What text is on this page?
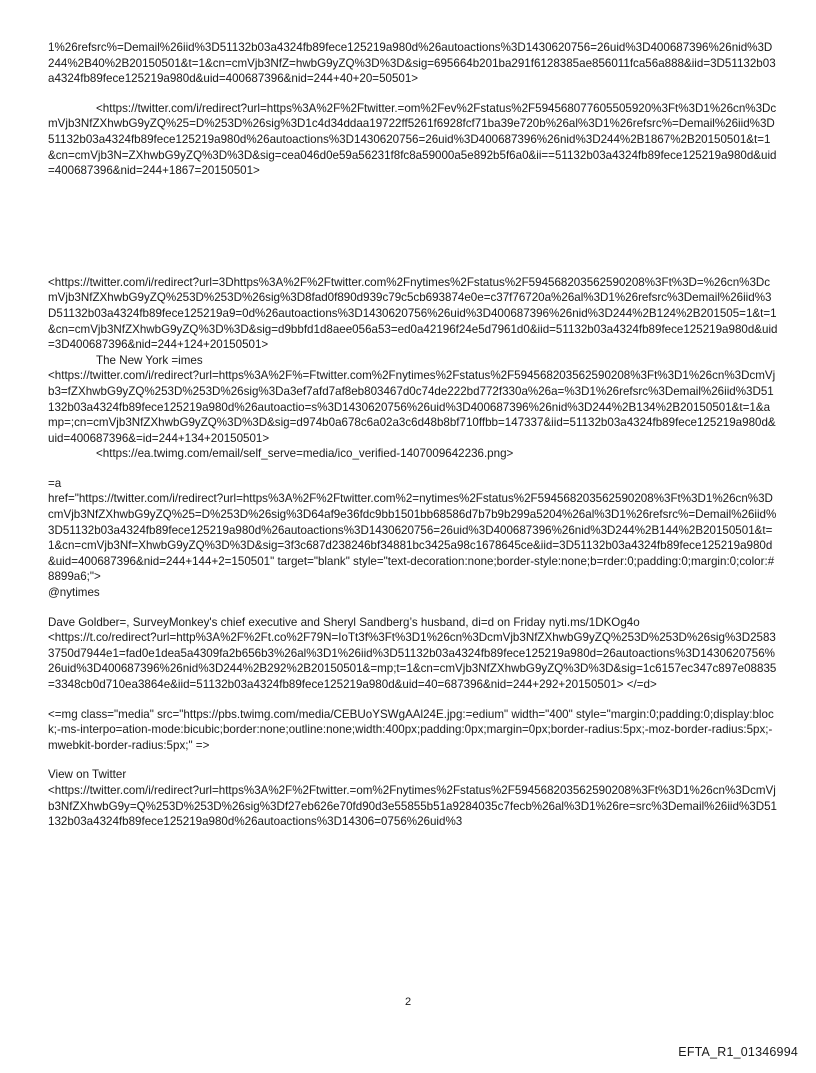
1%26refsrc%=Demail%26iid%3D51132b03a4324fb89fece125219a980d%26autoactions%3D1430620756=26uid%3D400687396%26nid%3D244%2B40%2B20150501&t=1&cn=cmVjb3NfZ=hwbG9yZQ%3D%3D&sig=695664b201ba291f6128385ae856011fca56a888&iid=3D51132b03a4324fb89fece125219a980d&uid=400687396&nid=244+40+20=50501>

<https://twitter.com/i/redirect?url=https%3A%2F%2Ftwitter.=om%2Fev%2Fstatus%2F594568077605505920%3Ft%3D1%26cn%3DcmVjb3NfZXhwbG9yZQ%25=D%253D%26sig%3D1c4d34ddaa19722ff5261f6928fcf71ba39e720b%26al%3D1%26refsrc%=Demail%26iid%3D51132b03a4324fb89fece125219a980d%26autoactions%3D1430620756=26uid%3D400687396%26nid%3D244%2B1867%2B20150501&t=1&cn=cmVjb3N=ZXhwbG9yZQ%3D%3D&sig=cea046d0e59a56231f8fc8a59000a5e892b5f6a0&ii==51132b03a4324fb89fece125219a980d&uid=400687396&nid=244+1867=20150501>

<https://twitter.com/i/redirect?url=3Dhttps%3A%2F%2Ftwitter.com%2Fnytimes%2Fstatus%2F594568203562590208%3Ft%3D=%26cn%3DcmVjb3NfZXhwbG9yZQ%253D%253D%26sig%3D8fad0f890d939c79c5cb693874e0e=c37f76720a%26al%3D1%26refsrc%3Demail%26iid%3D51132b03a4324fb89fece125219a9=0d%26autoactions%3D1430620756%26uid%3D400687396%26nid%3D244%2B124%2B201505=1&t=1&cn=cmVjb3NfZXhwbG9yZQ%3D%3D&sig=d9bbfd1d8aee056a53=ed0a42196f24e5d7961d0&iid=51132b03a4324fb89fece125219a980d&uid=3D400687396&nid=244+124+20150501>

The New York =imes

<https://twitter.com/i/redirect?url=https%3A%2F%=Ftwitter.com%2Fnytimes%2Fstatus%2F594568203562590208%3Ft%3D1%26cn%3DcmVjb3=fZXhwbG9yZQ%253D%253D%26sig%3Da3ef7afd7af8eb803467d0c74de222bd772f330a%26a=%3D1%26refsrc%3Demail%26iid%3D51132b03a4324fb89fece125219a980d%26autoactio=s%3D1430620756%26uid%3D400687396%26nid%3D244%2B134%2B20150501&t=1&amp=;cn=cmVjb3NfZXhwbG9yZQ%3D%3D&sig=d974b0a678c6a02a3c6d48b8bf710ffbb=147337&iid=51132b03a4324fb89fece125219a980d&uid=400687396&=id=244+134+20150501>

<https://ea.twimg.com/email/self_serve=media/ico_verified-1407009642236.png>

=a

href="https://twitter.com/i/redirect?url=https%3A%2F%2Ftwitter.com%2=nytimes%2Fstatus%2F594568203562590208%3Ft%3D1%26cn%3DcmVjb3NfZXhwbG9yZQ%25=D%253D%26sig%3D64af9e36fdc9bb1501bb68586d7b7b9b299a5204%26al%3D1%26refsrc%=Demail%26iid%3D51132b03a4324fb89fece125219a980d%26autoactions%3D1430620756=26uid%3D400687396%26nid%3D244%2B144%2B20150501&t=1&cn=cmVjb3Nf=XhwbG9yZQ%3D%3D&sig=3f3c687d238246bf34881bc3425a98c1678645ce&iid=3D51132b03a4324fb89fece125219a980d&uid=400687396&nid=244+144+2=150501" target="blank" style="text-decoration:none;border-style:none;b=rder:0;padding:0;margin:0;color:#8899a6;">

@nytimes

Dave Goldber=, SurveyMonkey's chief executive and Sheryl Sandberg’s husband, di=d on Friday nyti.ms/1DKOg4o

<https://t.co/redirect?url=http%3A%2F%2Ft.co%2F79N=IoTt3f%3Ft%3D1%26cn%3DcmVjb3NfZXhwbG9yZQ%253D%253D%26sig%3D25833750d7944e1=fad0e1dea5a4309fa2b656b3%26al%3D1%26iid%3D51132b03a4324fb89fece125219a980d=26autoactions%3D1430620756%26uid%3D400687396%26nid%3D244%2B292%2B20150501&=mp;t=1&cn=cmVjb3NfZXhwbG9yZQ%3D%3D&sig=1c6157ec347c897e08835=3348cb0d710ea3864e&iid=51132b03a4324fb89fece125219a980d&uid=40=687396&nid=244+292+20150501> </=d>

<=mg class="media" src="https://pbs.twimg.com/media/CEBUoYSWgAAl24E.jpg:=edium" width="400" style="margin:0;padding:0;display:block;-ms-interpo=ation-mode:bicubic;border:none;outline:none;width:400px;padding:0px;margin=0px;border-radius:5px;-moz-border-radius:5px;-mwebkit-border-radius:5px;" =>

View on Twitter

<https://twitter.com/i/redirect?url=https%3A%2F%2Ftwitter.=om%2Fnytimes%2Fstatus%2F594568203562590208%3Ft%3D1%26cn%3DcmVjb3NfZXhwbG9y=Q%253D%253D%26sig%3Df27eb626e70fd90d3e55855b51a9284035c7fecb%26al%3D1%26re=src%3Demail%26iid%3D51132b03a4324fb89fece125219a980d%26autoactions%3D14306=0756%26uid%3

2
EFTA_R1_01346994
